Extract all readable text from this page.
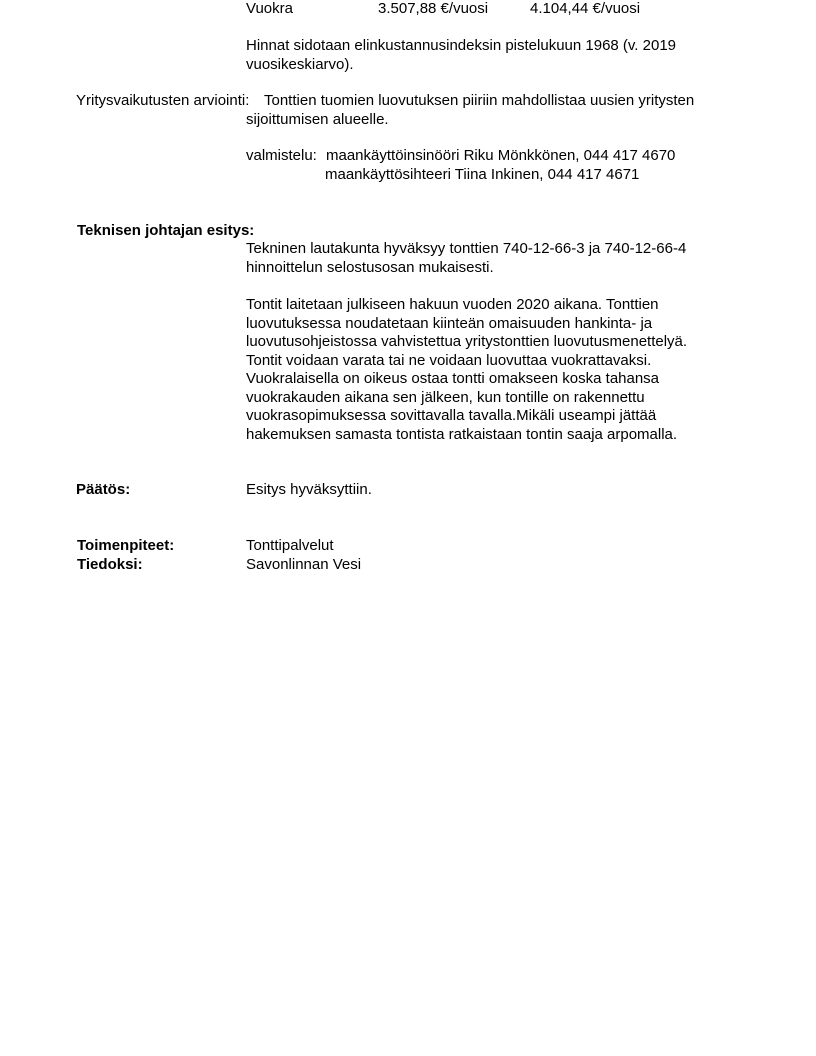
Vuokra	3.507,88 €/vuosi	4.104,44 €/vuosi
Hinnat sidotaan elinkustannusindeksin pistelukuun 1968 (v. 2019
vuosikeskiarvo).
Yritysvaikutusten arviointi: Tonttien tuomien luovutuksen piiriin mahdollistaa uusien yritysten
sijoittumisen alueelle.
valmistelu: maankäyttöinsinööri Riku Mönkkönen, 044 417 4670
maankäyttösihteeri Tiina Inkinen, 044 417 4671
Teknisen johtajan esitys:
Tekninen lautakunta hyväksyy tonttien 740-12-66-3 ja 740-12-66-4
hinnoittelun selostusosan mukaisesti.
Tontit laitetaan julkiseen hakuun vuoden 2020 aikana. Tonttien
luovutuksessa noudatetaan kiinteän omaisuuden hankinta- ja
luovutusohjeistossa vahvistettua yritystonttien luovutusmenettelyä.
Tontit voidaan varata tai ne voidaan luovuttaa vuokrattavaksi.
Vuokralaisella on oikeus ostaa tontti omakseen koska tahansa
vuokrakauden aikana sen jälkeen, kun tontille on rakennettu
vuokrasopimuksessa sovittavalla tavalla.Mikäli useampi jättää
hakemuksen samasta tontista ratkaistaan tontin saaja arpomalla.
Päätös:	Esitys hyväksyttiin.
Toimenpiteet:	Tonttipalvelut
Tiedoksi:	Savonlinnan Vesi
